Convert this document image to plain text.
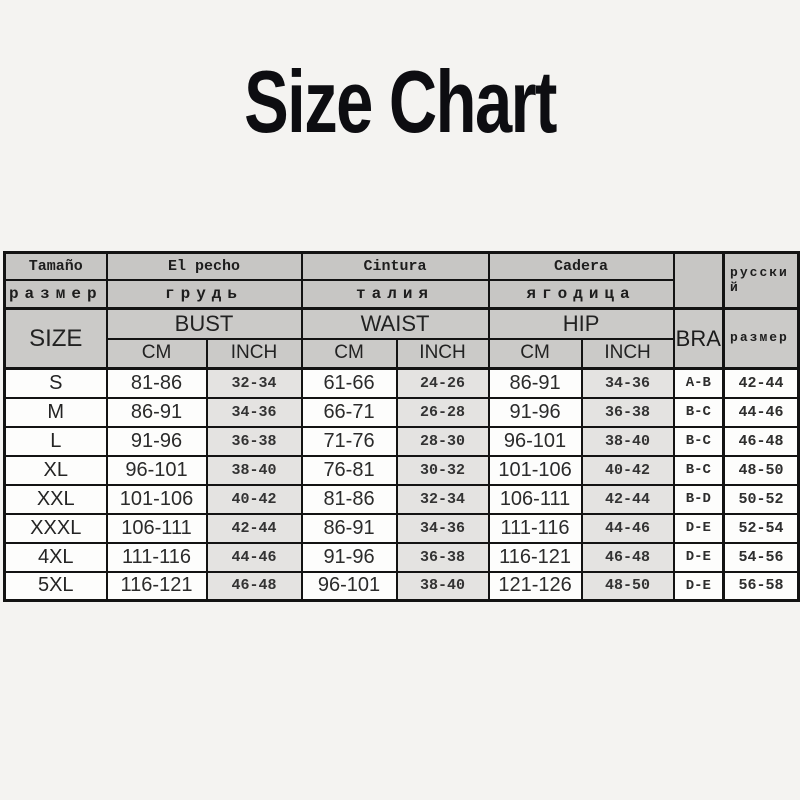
Size Chart
Tamaño	El pecho		Cintura		Cadera			русский
размер	грудь		талия		ягодица			
SIZE	BUST		WAIST		HIP		BRA	размер
	CM	INCH	CM	INCH	CM	INCH		
S	81-86	32-34	61-66	24-26	86-91	34-36	A-B	42-44
M	86-91	34-36	66-71	26-28	91-96	36-38	B-C	44-46
L	91-96	36-38	71-76	28-30	96-101	38-40	B-C	46-48
XL	96-101	38-40	76-81	30-32	101-106	40-42	B-C	48-50
XXL	101-106	40-42	81-86	32-34	106-111	42-44	B-D	50-52
XXXL	106-111	42-44	86-91	34-36	111-116	44-46	D-E	52-54
4XL	111-116	44-46	91-96	36-38	116-121	46-48	D-E	54-56
5XL	116-121	46-48	96-101	38-40	121-126	48-50	D-E	56-58
